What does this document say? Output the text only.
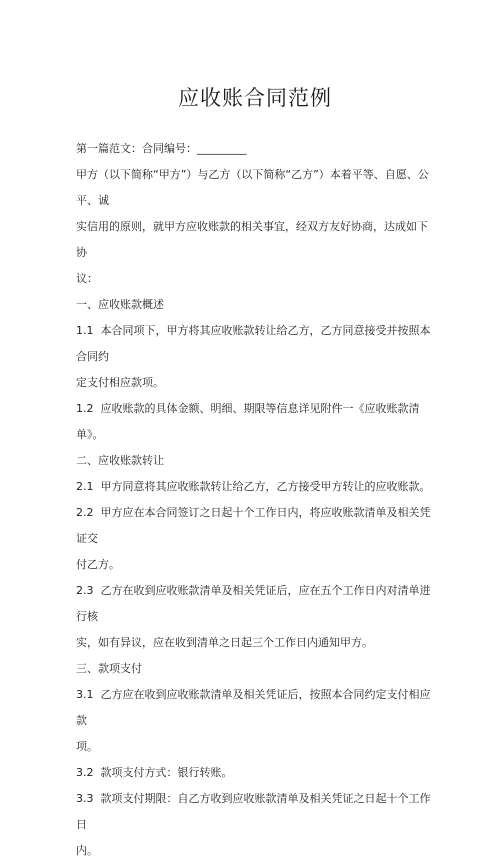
应收账合同范例

第一篇范文：合同编号：_________

甲方（以下简称“甲方”）与乙方（以下简称“乙方”）本着平等、自愿、公平、诚

实信用的原则，就甲方应收账款的相关事宜，经双方友好协商，达成如下协

议：

一、应收账款概述

1.1  本合同项下，甲方将其应收账款转让给乙方，乙方同意接受并按照本合同约

定支付相应款项。

1.2  应收账款的具体金额、明细、期限等信息详见附件一《应收账款清单》。

二、应收账款转让

2.1  甲方同意将其应收账款转让给乙方，乙方接受甲方转让的应收账款。

2.2  甲方应在本合同签订之日起十个工作日内，将应收账款清单及相关凭证交

付乙方。

2.3  乙方在收到应收账款清单及相关凭证后，应在五个工作日内对清单进行核

实，如有异议，应在收到清单之日起三个工作日内通知甲方。

三、款项支付

3.1  乙方应在收到应收账款清单及相关凭证后，按照本合同约定支付相应款

项。

3.2  款项支付方式：银行转账。

3.3  款项支付期限：自乙方收到应收账款清单及相关凭证之日起十个工作日

内。
